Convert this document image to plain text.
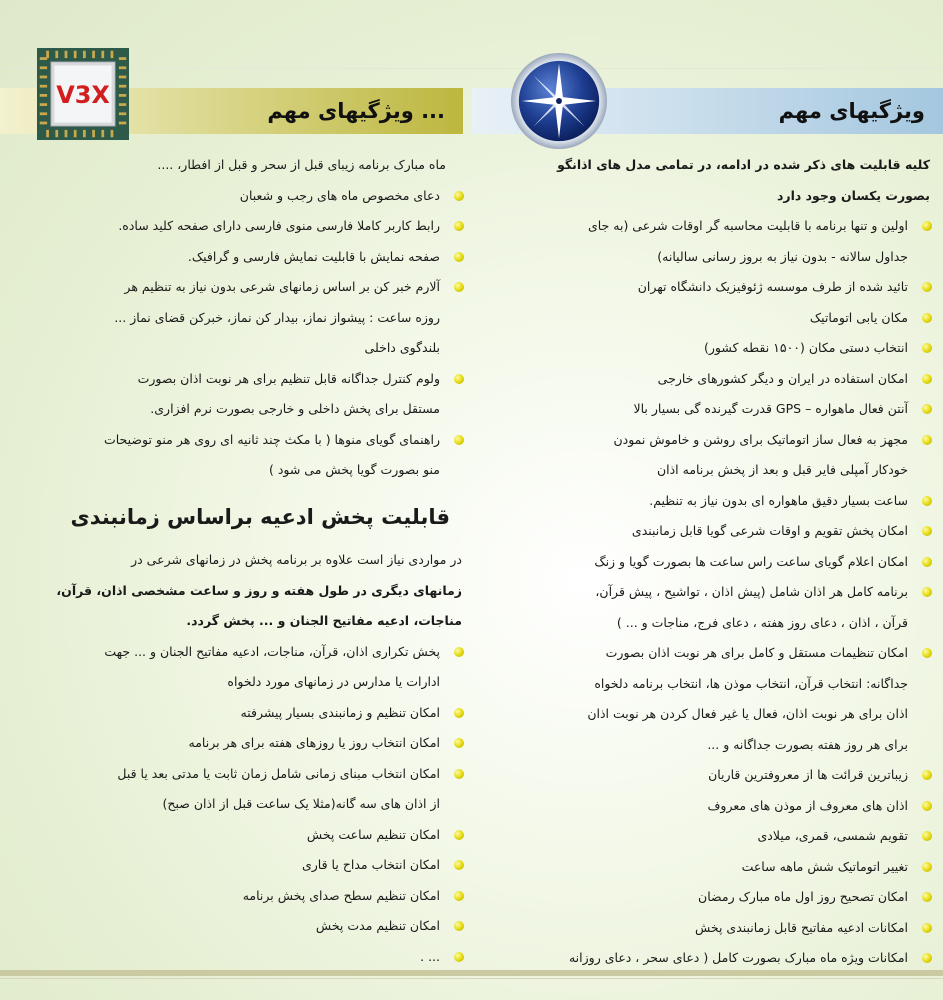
... ویژگیهای مهم	ویژگیهای مهم
V3X

کلیه قابلیت های ذکر شده در ادامه، در تمامی مدل های اذانگو

بصورت یکسان وجود دارد

اولین و تنها برنامه با قابلیت محاسبه گر اوقات شرعی (به جای

جداول سالانه - بدون نیاز به بروز رسانی سالیانه)

تائید شده از طرف موسسه ژئوفیزیک دانشگاه تهران

مکان یابی اتوماتیک

انتخاب دستی مکان (۱۵۰۰ نقطه کشور)

امکان استفاده در ایران و دیگر کشورهای خارجی

آنتن فعال ماهواره – GPS قدرت گیرنده گی بسیار بالا

مجهز به فعال ساز اتوماتیک برای روشن و خاموش نمودن

خودکار آمپلی فایر قبل و بعد از پخش برنامه اذان

ساعت بسیار دقیق ماهواره ای بدون نیاز به تنظیم.

امکان پخش تقویم و اوقات شرعی گویا قابل زمانبندی

امکان اعلام گویای ساعت راس ساعت ها بصورت گویا و زنگ

برنامه کامل هر اذان شامل (پیش اذان ، تواشیح ، پیش قرآن،

قرآن ، اذان ، دعای روز هفته ، دعای فرج، مناجات و ... )

امکان تنظیمات مستقل و کامل برای هر نوبت اذان بصورت

جداگانه: انتخاب قرآن، انتخاب موذن ها، انتخاب برنامه دلخواه

اذان برای هر نوبت اذان، فعال یا غیر فعال کردن هر نوبت اذان

برای هر روز هفته بصورت جداگانه و ...

زیباترین قرائت ها از معروفترین قاریان

اذان های معروف از موذن های معروف

تقویم شمسی، قمری، میلادی

تغییر اتوماتیک شش ماهه ساعت

امکان تصحیح روز اول ماه مبارک رمضان

امکانات ادعیه مفاتیح قابل زمانبندی پخش

امکانات ویژه ماه مبارک بصورت کامل ( دعای سحر ، دعای روزانه

ماه مبارک برنامه زیبای قبل از سحر و قبل از افطار، ....

دعای مخصوص ماه های رجب و شعبان

رابط کاربر کاملا فارسی منوی فارسی دارای صفحه کلید ساده.

صفحه نمایش با قابلیت نمایش فارسی و گرافیک.

آلارم خبر کن بر اساس زمانهای شرعی بدون نیاز به تنظیم هر

روزه ساعت : پیشواز نماز، بیدار کن نماز، خبرکن قضای نماز ...

بلندگوی داخلی

ولوم کنترل جداگانه قابل تنظیم برای هر نوبت اذان بصورت

مستقل برای پخش داخلی و خارجی بصورت نرم افزاری.

راهنمای گویای منوها ( با مکث چند ثانیه ای روی هر منو توضیحات

منو بصورت گویا پخش می شود )

قابلیت پخش ادعیه براساس زمانبندی

در مواردی نیاز است علاوه بر برنامه پخش در زمانهای شرعی در

زمانهای دیگری در طول هفته و روز و ساعت مشخصی اذان، قرآن،

مناجات، ادعیه مفاتیح الجنان و ... پخش گردد.

پخش تکراری اذان، قرآن، مناجات، ادعیه مفاتیح الجنان و ... جهت

ادارات یا مدارس در زمانهای مورد دلخواه

امکان تنظیم و زمانبندی بسیار پیشرفته

امکان انتخاب روز یا روزهای هفته برای هر برنامه

امکان انتخاب مبنای زمانی شامل زمان ثابت یا مدتی بعد یا قبل

از اذان های سه گانه(مثلا یک ساعت قبل از اذان صبح)

امکان تنظیم ساعت پخش

امکان انتخاب مداح یا قاری

امکان تنظیم سطح صدای پخش برنامه

امکان تنظیم مدت پخش

... .
